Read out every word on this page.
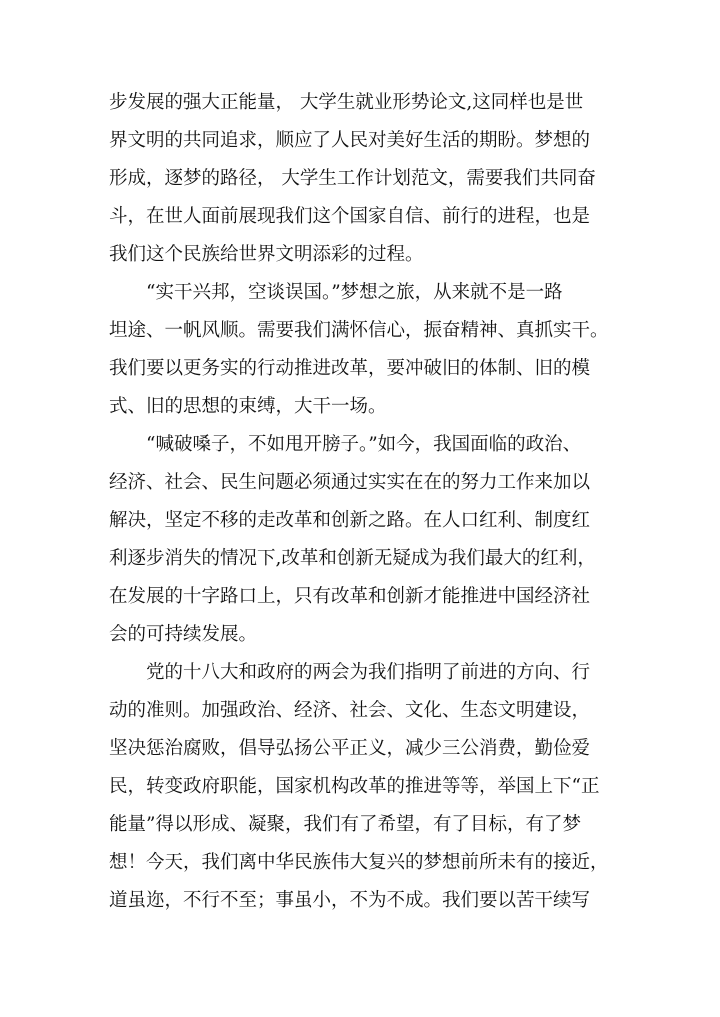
步发展的强大正能量， 大学生就业形势论文,这同样也是世
界文明的共同追求，顺应了人民对美好生活的期盼。梦想的
形成，逐梦的路径， 大学生工作计划范文，需要我们共同奋
斗，在世人面前展现我们这个国家自信、前行的进程，也是
我们这个民族给世界文明添彩的过程。
　　“实干兴邦，空谈误国。”梦想之旅，从来就不是一路
坦途、一帆风顺。需要我们满怀信心，振奋精神、真抓实干。
我们要以更务实的行动推进改革，要冲破旧的体制、旧的模
式、旧的思想的束缚，大干一场。
　　“喊破嗓子，不如甩开膀子。”如今，我国面临的政治、
经济、社会、民生问题必须通过实实在在的努力工作来加以
解决，坚定不移的走改革和创新之路。在人口红利、制度红
利逐步消失的情况下,改革和创新无疑成为我们最大的红利，
在发展的十字路口上，只有改革和创新才能推进中国经济社
会的可持续发展。
　　党的十八大和政府的两会为我们指明了前进的方向、行
动的准则。加强政治、经济、社会、文化、生态文明建设，
坚决惩治腐败，倡导弘扬公平正义，减少三公消费，勤俭爱
民，转变政府职能，国家机构改革的推进等等，举国上下“正
能量”得以形成、凝聚，我们有了希望，有了目标，有了梦
想！今天，我们离中华民族伟大复兴的梦想前所未有的接近，
道虽迩，不行不至；事虽小，不为不成。我们要以苦干续写
